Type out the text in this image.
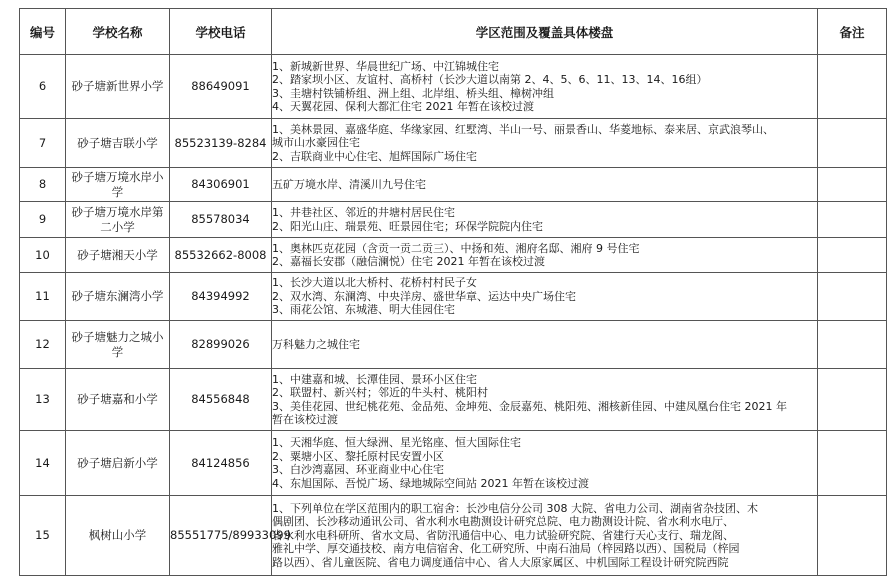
编号	学校名称	学校电话	学区范围及覆盖具体楼盘	备注
6	砂子塘新世界小学	88649091	1、新城新世界、华晨世纪广场、中江锦城住宅
2、踏家坝小区、友谊村、高桥村（长沙大道以南第 2、4、5、6、11、13、14、16组）
3、圭塘村铁铺桥组、洲上组、北岸组、桥头组、樟树冲组
4、天翼花园、保利大都汇住宅 2021 年暂在该校过渡	

7	砂子塘吉联小学	85523139-8284	1、美林景园、嘉盛华庭、华缘家园、红墅湾、半山一号、丽景香山、华菱地标、泰来居、京武浪琴山、
城市山水豪园住宅
2、吉联商业中心住宅、旭辉国际广场住宅	

8	砂子塘万境水岸小学	84306901	五矿万境水岸、清溪川九号住宅	

9	砂子塘万境水岸第二小学	85578034	1、井巷社区、邻近的井塘村居民住宅
2、阳光山庄、瑞景苑、旺景园住宅；环保学院院内住宅	

10	砂子塘湘天小学	85532662-8008	1、奥林匹克花园（含贡一贡二贡三）、中扬和苑、湘府名邸、湘府 9 号住宅
2、嘉福长安郡（融信澜悦）住宅 2021 年暂在该校过渡	

11	砂子塘东澜湾小学	84394992	1、长沙大道以北大桥村、花桥村村民子女
2、双水湾、东澜湾、中央洋房、盛世华章、运达中央广场住宅
3、雨花公馆、东城港、明大佳园住宅	

12	砂子塘魅力之城小学	82899026	万科魅力之城住宅	

13	砂子塘嘉和小学	84556848	1、中建嘉和城、长潭佳园、景环小区住宅
2、联盟村、新兴村；邻近的牛头村、桃阳村
3、美佳花园、世纪桃花苑、金品苑、金坤苑、金辰嘉苑、桃阳苑、湘核新佳园、中建凤凰台住宅 2021 年
暂在该校过渡	

14	砂子塘启新小学	84124856	1、天湘华庭、恒大绿洲、星光铭座、恒大国际住宅
2、粟塘小区、黎托原村民安置小区
3、白沙湾嘉园、环亚商业中心住宅
4、东旭国际、吾悦广场、绿地城际空间站 2021 年暂在该校过渡	

15	枫树山小学	85551775/89933099	1、下列单位在学区范围内的职工宿舍：长沙电信分公司 308 大院、省电力公司、湖南省杂技团、木
偶剧团、长沙移动通讯公司、省水利水电勘测设计研究总院、电力勘测设计院、省水利水电厅、
省水利水电科研所、省水文局、省防汛通信中心、电力试验研究院、省建行天心支行、瑞龙阁、
雅礼中学、厚交通技校、南方电信宿舍、化工研究所、中南石油局（梓园路以西）、国税局（梓园
路以西）、省儿童医院、省电力调度通信中心、省人大原家属区、中机国际工程设计研究院西院	
